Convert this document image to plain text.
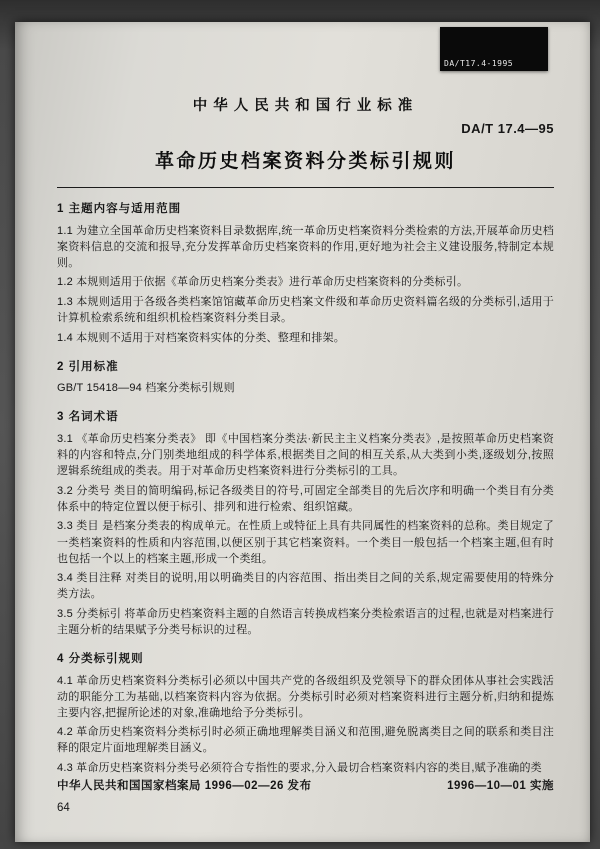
中华人民共和国行业标准
DA/T 17.4—95
革命历史档案资料分类标引规则
1 主题内容与适用范围

1.1 为建立全国革命历史档案资料目录数据库,统一革命历史档案资料分类检索的方法,开展革命历史档案资料信息的交流和报导,充分发挥革命历史档案资料的作用,更好地为社会主义建设服务,特制定本规则。

1.2 本规则适用于依据《革命历史档案分类表》进行革命历史档案资料的分类标引。

1.3 本规则适用于各级各类档案馆馆藏革命历史档案文件级和革命历史资料篇名级的分类标引,适用于计算机检索系统和组织机检档案资料分类目录。

1.4 本规则不适用于对档案资料实体的分类、整理和排架。

2 引用标准

GB/T 15418—94 档案分类标引规则

3 名词术语

3.1 《革命历史档案分类表》 即《中国档案分类法·新民主主义档案分类表》,是按照革命历史档案资料的内容和特点,分门别类地组成的科学体系,根据类目之间的相互关系,从大类到小类,逐级划分,按照逻辑系统组成的类表。用于对革命历史档案资料进行分类标引的工具。

3.2 分类号 类目的简明编码,标记各级类目的符号,可固定全部类目的先后次序和明确一个类目有分类体系中的特定位置以便于标引、排列和进行检索、组织馆藏。

3.3 类目 是档案分类表的构成单元。在性质上或特征上具有共同属性的档案资料的总称。类目规定了一类档案资料的性质和内容范围,以便区别于其它档案资料。一个类目一般包括一个档案主题,但有时也包括一个以上的档案主题,形成一个类组。

3.4 类目注释 对类目的说明,用以明确类目的内容范围、指出类目之间的关系,规定需要使用的特殊分类方法。

3.5 分类标引 将革命历史档案资料主题的自然语言转换成档案分类检索语言的过程,也就是对档案进行主题分析的结果赋予分类号标识的过程。

4 分类标引规则

4.1 革命历史档案资料分类标引必须以中国共产党的各级组织及党领导下的群众团体从事社会实践活动的职能分工为基础,以档案资料内容为依据。分类标引时必须对档案资料进行主题分析,归纳和提炼主要内容,把握所论述的对象,准确地给予分类标引。

4.2 革命历史档案资料分类标引时必须正确地理解类目涵义和范围,避免脱离类目之间的联系和类目注释的限定片面地理解类目涵义。

4.3 革命历史档案资料分类号必须符合专指性的要求,分入最切合档案资料内容的类目,赋予准确的类

中华人民共和国国家档案局 1996—02—26 发布	1996—10—01 实施
64
DA/T17.4-1995
